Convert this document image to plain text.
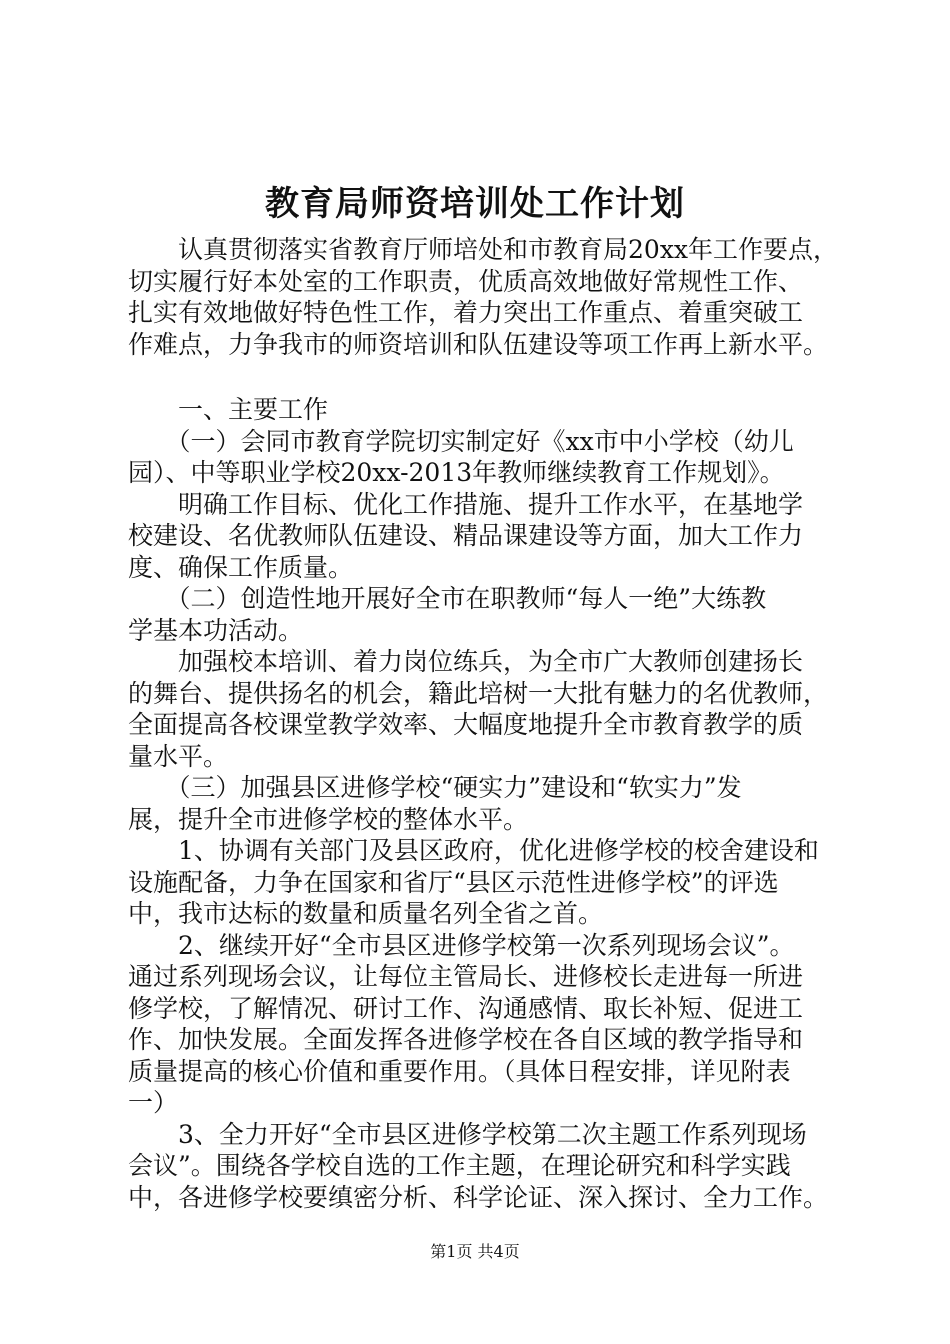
教育局师资培训处工作计划
　　认真贯彻落实省教育厅师培处和市教育局20xx年工作要点，
切实履行好本处室的工作职责，优质高效地做好常规性工作、
扎实有效地做好特色性工作，着力突出工作重点、着重突破工
作难点，力争我市的师资培训和队伍建设等项工作再上新水平。
　　一、主要工作
　　（一）会同市教育学院切实制定好《xx市中小学校（幼儿
园）、中等职业学校20xx-2013年教师继续教育工作规划》。
　　明确工作目标、优化工作措施、提升工作水平，在基地学
校建设、名优教师队伍建设、精品课建设等方面，加大工作力
度、确保工作质量。
　　（二）创造性地开展好全市在职教师“每人一绝”大练教
学基本功活动。
　　加强校本培训、着力岗位练兵，为全市广大教师创建扬长
的舞台、提供扬名的机会，籍此培树一大批有魅力的名优教师，
全面提高各校课堂教学效率、大幅度地提升全市教育教学的质
量水平。
　　（三）加强县区进修学校“硬实力”建设和“软实力”发
展，提升全市进修学校的整体水平。
　　1、协调有关部门及县区政府，优化进修学校的校舍建设和
设施配备，力争在国家和省厅“县区示范性进修学校”的评选
中，我市达标的数量和质量名列全省之首。
　　2、继续开好“全市县区进修学校第一次系列现场会议”。
通过系列现场会议，让每位主管局长、进修校长走进每一所进
修学校，了解情况、研讨工作、沟通感情、取长补短、促进工
作、加快发展。全面发挥各进修学校在各自区域的教学指导和
质量提高的核心价值和重要作用。（具体日程安排，详见附表
一）
　　3、全力开好“全市县区进修学校第二次主题工作系列现场
会议”。围绕各学校自选的工作主题，在理论研究和科学实践
中，各进修学校要缜密分析、科学论证、深入探讨、全力工作。
第1页 共4页
